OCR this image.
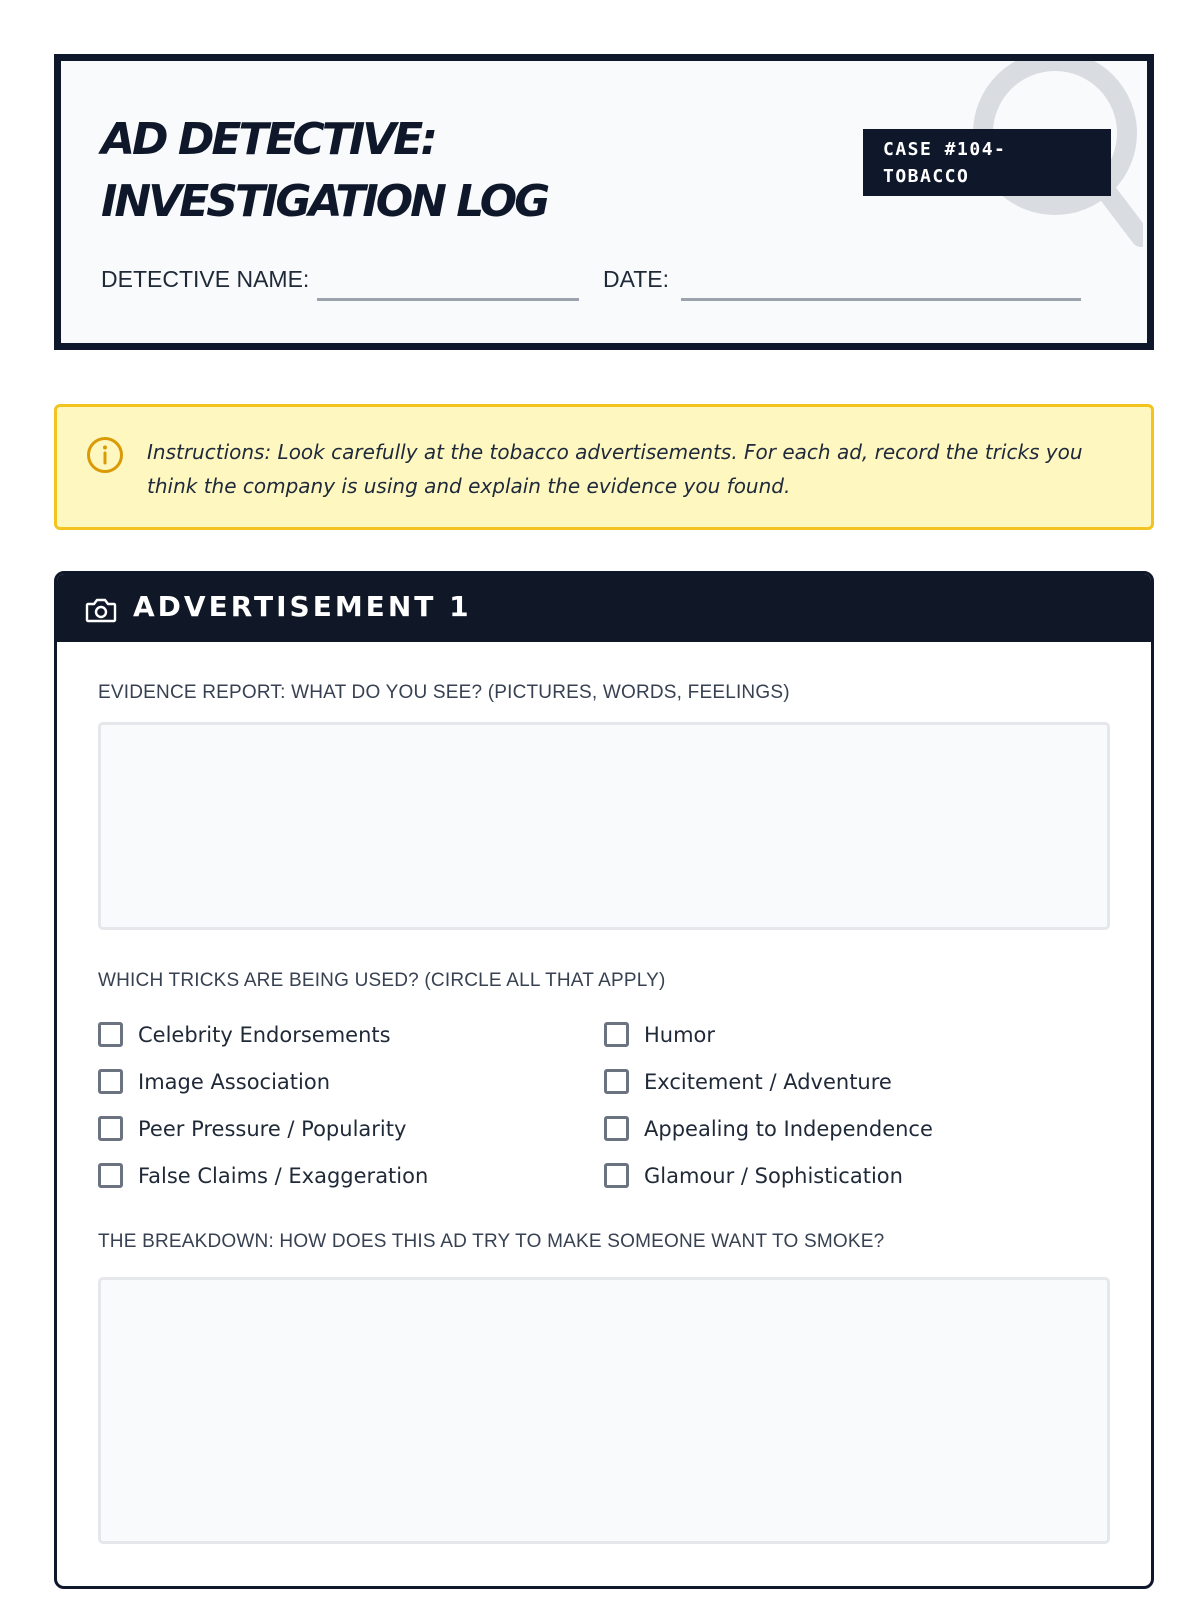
AD DETECTIVE:
INVESTIGATION LOG
CASE #104-TOBACCO
DETECTIVE NAME:	DATE:
Instructions: Look carefully at the tobacco advertisements. For each ad, record the tricks you think the company is using and explain the evidence you found.
ADVERTISEMENT 1
EVIDENCE REPORT: WHAT DO YOU SEE? (PICTURES, WORDS, FEELINGS)
WHICH TRICKS ARE BEING USED? (CIRCLE ALL THAT APPLY)
Celebrity Endorsements	Humor
Image Association	Excitement / Adventure
Peer Pressure / Popularity	Appealing to Independence
False Claims / Exaggeration	Glamour / Sophistication
THE BREAKDOWN: HOW DOES THIS AD TRY TO MAKE SOMEONE WANT TO SMOKE?
